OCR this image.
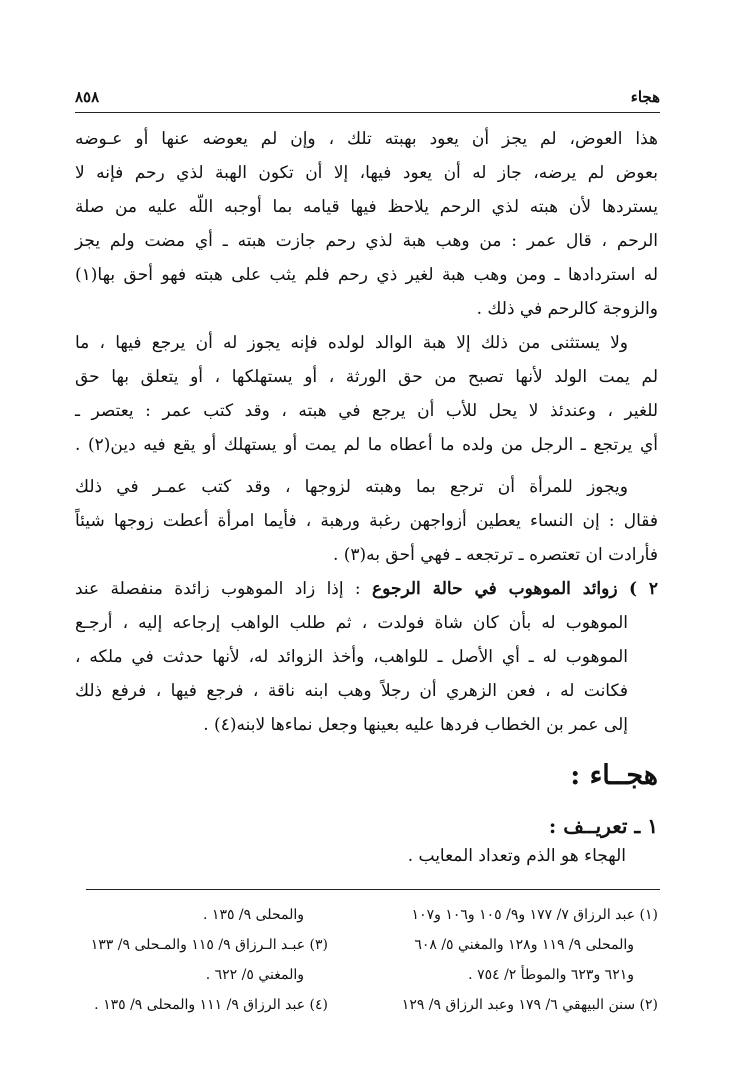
هجاء
٨٥٨
هذا العوض، لم يجز أن يعود بهبته تلك ، وإن لم يعوضه عنها أو عـوضه
بعوض لم يرضه، جاز له أن يعود فيها، إلا أن تكون الهبة لذي رحم فإنه لا
يستردها لأن هبته لذي الرحم يلاحظ فيها قيامه بما أوجبه اللّه عليه من صلة
الرحم ، قال عمر : من وهب هبة لذي رحم جازت هبته ـ أي مضت ولم يجز
له استردادها ـ ومن وهب هبة لغير ذي رحم فلم يثب على هبته فهو أحق بها(١)
والزوجة كالرحم في ذلك .
ولا يستثنى من ذلك إلا هبة الوالد لولده فإنه يجوز له أن يرجع فيها ، ما
لم يمت الولد لأنها تصبح من حق الورثة ، أو يستهلكها ، أو يتعلق بها حق
للغير ، وعندئذ لا يحل للأب أن يرجع في هبته ، وقد كتب عمر : يعتصر ـ
أي يرتجع ـ الرجل من ولده ما أعطاه ما لم يمت أو يستهلك أو يقع فيه دين(٢) .
ويجوز للمرأة أن ترجع بما وهبته لزوجها ، وقد كتب عمـر في ذلك
فقال : إن النساء يعطين أزواجهن رغبة ورهبة ، فأيما امرأة أعطت زوجها شيئاً
فأرادت ان تعتصره ـ ترتجعه ـ فهي أحق به(٣) .
٢ ) زوائد الموهوب في حالة الرجوع : إذا زاد الموهوب زائدة منفصلة عند
الموهوب له بأن كان شاة فولدت ، ثم طلب الواهب إرجاعه إليه ، أرجـع
الموهوب له ـ أي الأصل ـ للواهب، وأخذ الزوائد له، لأنها حدثت في ملكه ،
فكانت له ، فعن الزهري أن رجلاً وهب ابنه ناقة ، فرجع فيها ، فرفع ذلك
إلى عمر بن الخطاب فردها عليه بعينها وجعل نماءها لابنه(٤) .
هجــاء :
١ ـ تعريــف :
الهجاء هو الذم وتعداد المعايب .
(١) عبد الرزاق ٧/ ١٧٧ و٩/ ١٠٥ و١٠٦ و١٠٧
والمحلى ٩/ ١١٩ و١٢٨ والمغني ٥/ ٦٠٨
و٦٢١ و٦٢٣ والموطأ ٢/ ٧٥٤ .
(٢) سنن البيهقي ٦/ ١٧٩ وعبد الرزاق ٩/ ١٢٩
والمحلى ٩/ ١٣٥ .
(٣) عبـد الـرزاق ٩/ ١١٥ والمـحلى ٩/ ١٣٣
والمغني ٥/ ٦٢٢ .
(٤) عبد الرزاق ٩/ ١١١ والمحلى ٩/ ١٣٥ .
